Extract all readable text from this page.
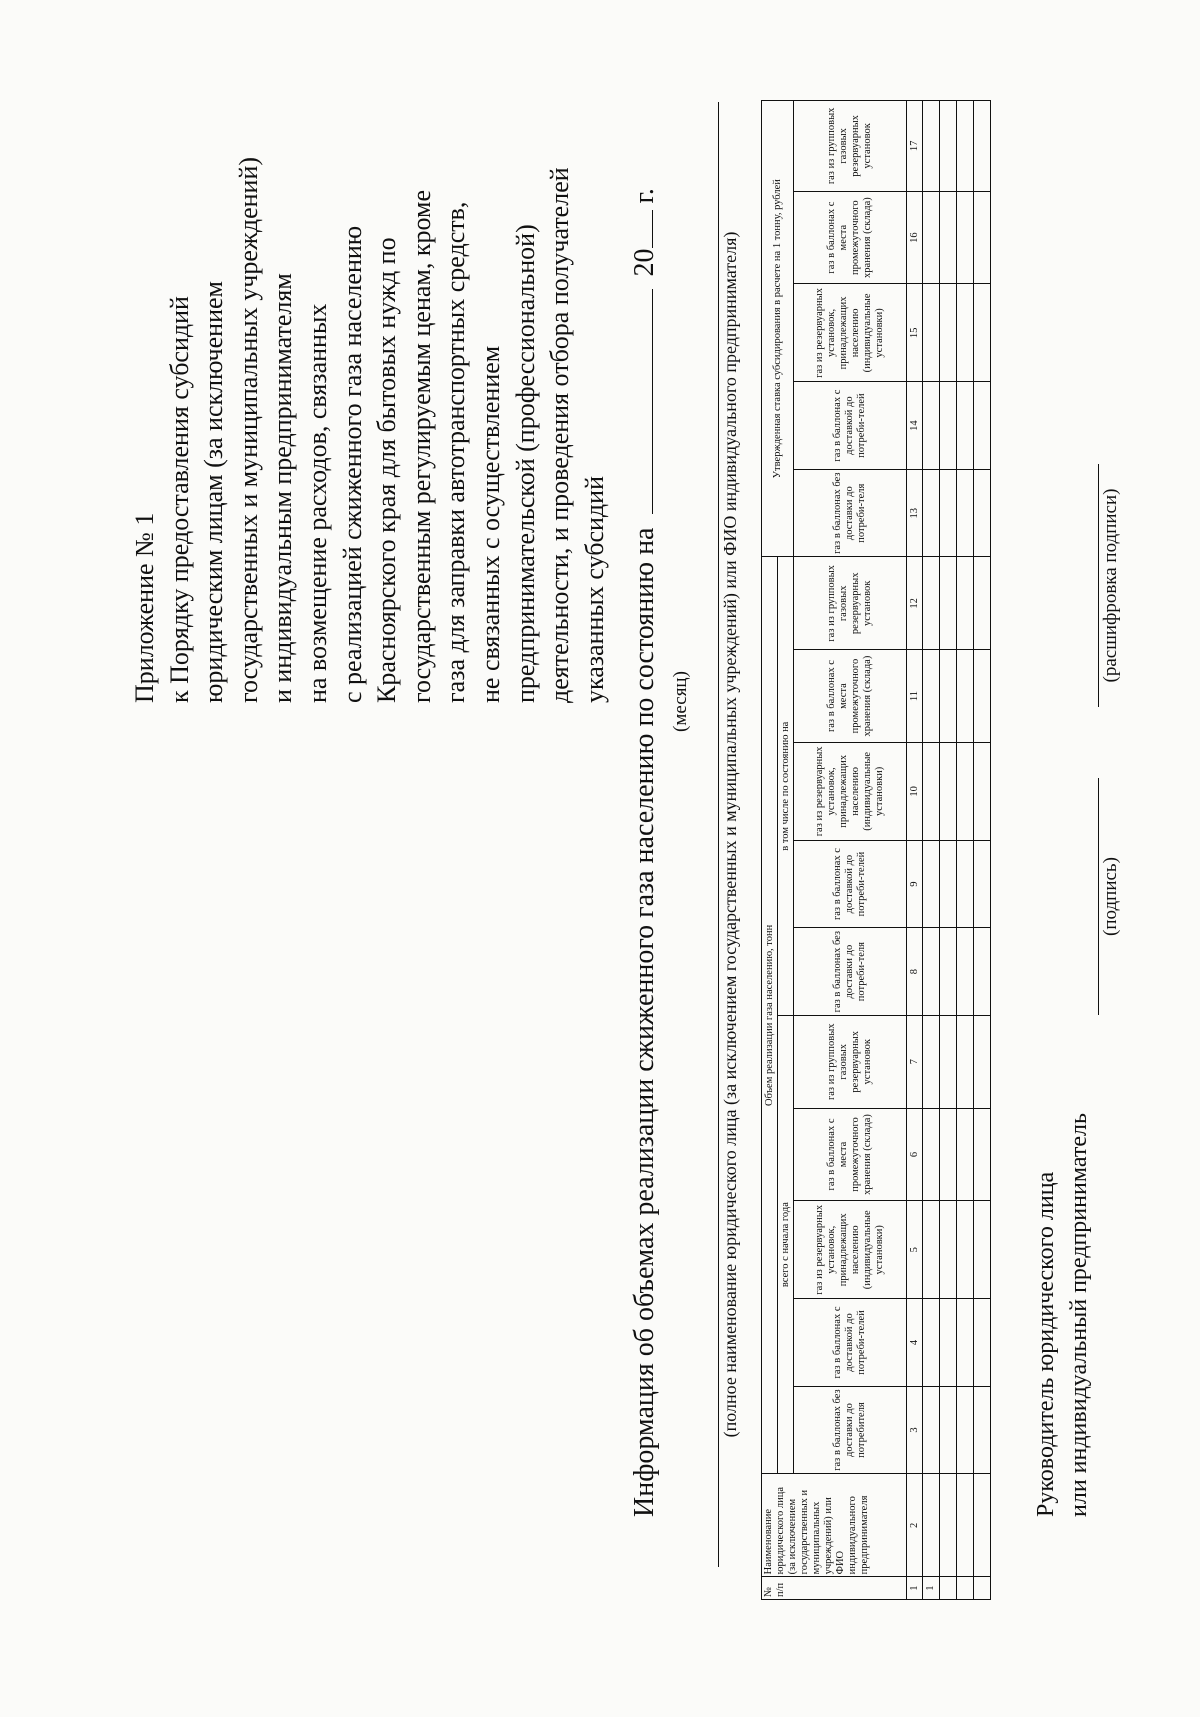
Приложение № 1 к Порядку предоставления субсидий юридическим лицам (за исключением государственных и муниципальных учреждений) и индивидуальным предпринимателям на возмещение расходов, связанных с реализацией сжиженного газа населению Красноярского края для бытовых нужд по государственным регулируемым ценам, кроме газа для заправки автотранспортных средств, не связанных с осуществлением предпринимательской (профессиональной) деятельности, и проведения отбора получателей указанных субсидий Информация об объемах реализации сжиженного газа населению по состоянию на  20 г.
(месяц) (полное наименование юридического лица (за исключением государственных и муниципальных учреждений) или ФИО индивидуального предпринимателя)
№ п/п	Наименование юридического лица (за исключением государственных и муниципальных учреждений) или ФИО индивидуального предпринимателя	Объем реализации газа населению, тонн										Утвержденная ставка субсидирования в расчете на 1 тонну, рублей				
		всего с начала года					в том числе по состоянию на									
		газ в баллонах без доставки до потребителя	газ в баллонах с доставкой до потреби-телей	газ из резервуарных установок, принадлежащих населению (индивидуальные установки)	газ в баллонах с места промежуточного хранения (склада)	газ из групповых газовых резервуарных установок	газ в баллонах без доставки до потреби-теля	газ в баллонах с доставкой до потреби-телей	газ из резервуарных установок, принадлежащих населению (индивидуальные установки)	газ в баллонах с места промежуточного хранения (склада)	газ из групповых газовых резервуарных установок	газ в баллонах без доставки до потреби-теля	газ в баллонах с доставкой до потреби-телей	газ из резервуарных установок, принадлежащих населению (индивидуальные установки)	газ в баллонах с места промежуточного хранения (склада)	газ из групповых газовых резервуарных установок
1	2	3	4	5	6	7	8	9	10	11	12	13	14	15	16	17
1																

Руководитель юридического лица или индивидуальный предприниматель
(подпись)
(расшифровка подписи)
